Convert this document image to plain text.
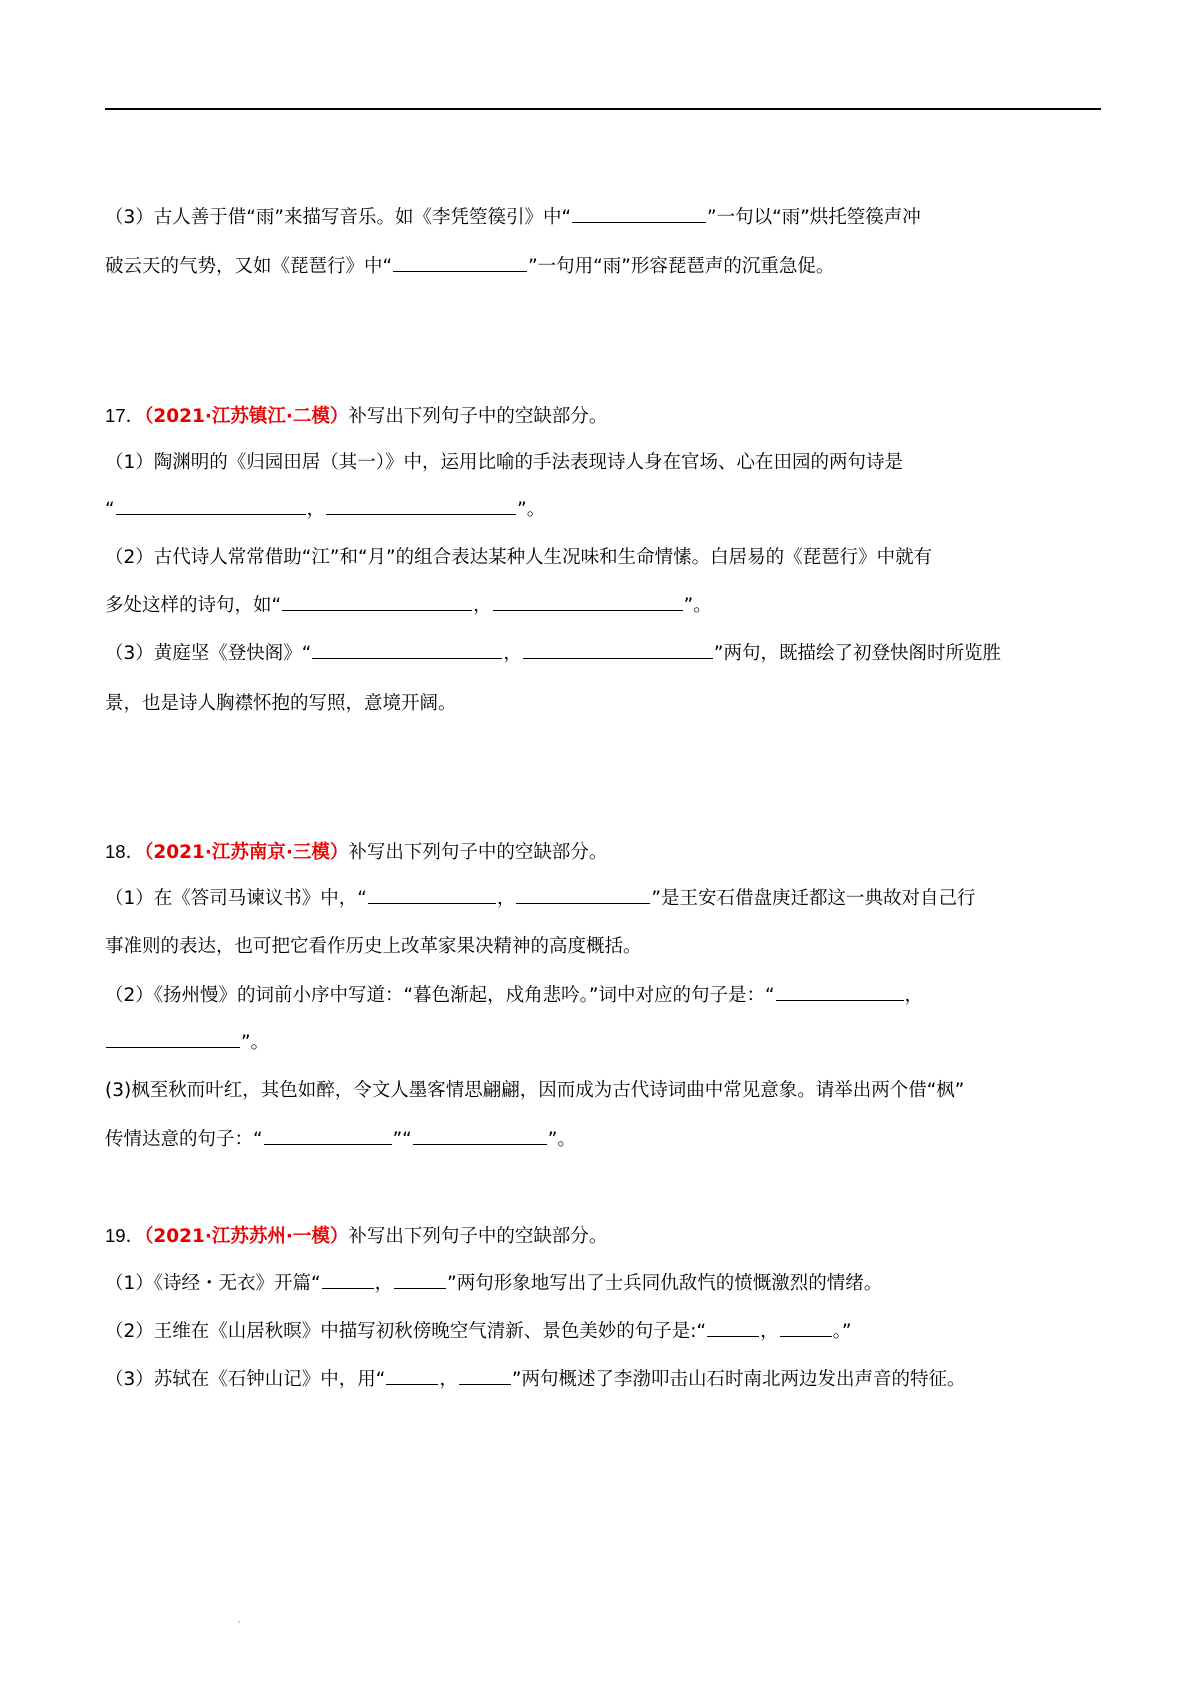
（3）古人善于借“雨”来描写音乐。如《李凭箜篌引》中“	”一句以“雨”烘托箜篌声冲
破云天的气势，又如《琵琶行》中“	”一句用“雨”形容琵琶声的沉重急促。
17．（2021·江苏镇江·二模）补写出下列句子中的空缺部分。
（1）陶渊明的《归园田居（其一）》中，运用比喻的手法表现诗人身在官场、心在田园的两句诗是
“	，	”。
（2）古代诗人常常借助“江”和“月”的组合表达某种人生况味和生命情愫。白居易的《琵琶行》中就有
多处这样的诗句，如“	，	”。
（3）黄庭坚《登快阁》“	，	”两句，既描绘了初登快阁时所览胜
景，也是诗人胸襟怀抱的写照，意境开阔。
18．（2021·江苏南京·三模）补写出下列句子中的空缺部分。
（1）在《答司马谏议书》中，“	，	”是王安石借盘庚迁都这一典故对自己行
事准则的表达，也可把它看作历史上改革家果决精神的高度概括。
（2）《扬州慢》的词前小序中写道：“暮色渐起，戍角悲吟。”词中对应的句子是：“	，
”。
(3)枫至秋而叶红，其色如醉，令文人墨客情思翩翩，因而成为古代诗词曲中常见意象。请举出两个借“枫”
传情达意的句子：“	”“	”。
19．（2021·江苏苏州·一模）补写出下列句子中的空缺部分。
（1）《诗经・无衣》开篇“	，	”两句形象地写出了士兵同仇敌忾的愤慨激烈的情绪。
（2）王维在《山居秋暝》中描写初秋傍晚空气清新、景色美妙的句子是:“	，	。”
（3）苏轼在《石钟山记》中，用“	，	”两句概述了李渤叩击山石时南北两边发出声音的特征。
